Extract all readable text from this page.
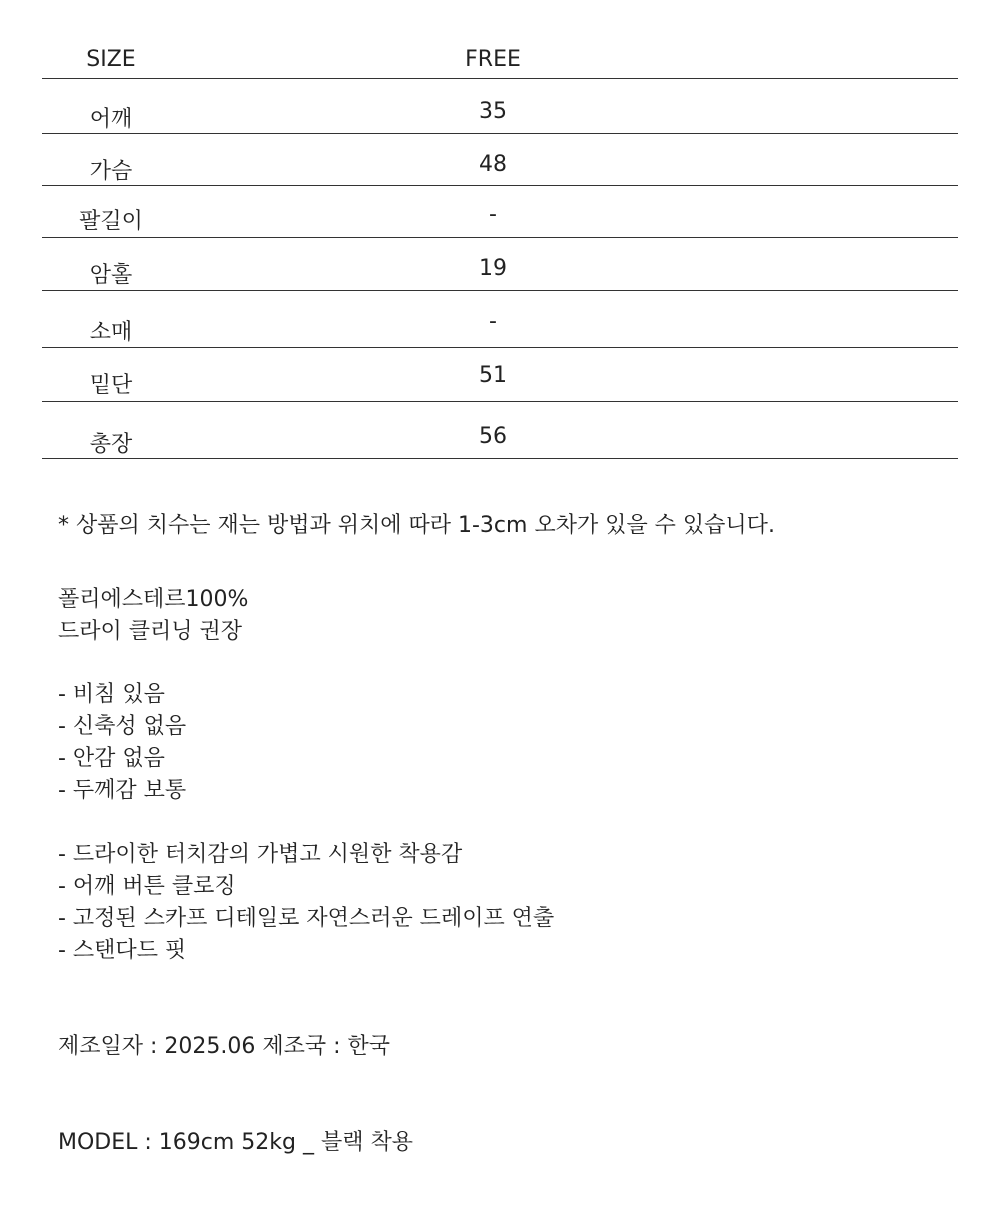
SIZE	FREE
어깨	35
가슴	48
팔길이	-
암홀	19
소매	-
밑단	51
총장	56
* 상품의 치수는 재는 방법과 위치에 따라 1-3cm 오차가 있을 수 있습니다.
폴리에스테르100%
드라이 클리닝 권장
- 비침 있음
- 신축성 없음
- 안감 없음
- 두께감 보통
- 드라이한 터치감의 가볍고 시원한 착용감
- 어깨 버튼 클로징
- 고정된 스카프 디테일로 자연스러운 드레이프 연출
- 스탠다드 핏
제조일자 : 2025.06 제조국 : 한국
MODEL : 169cm 52kg _ 블랙 착용
